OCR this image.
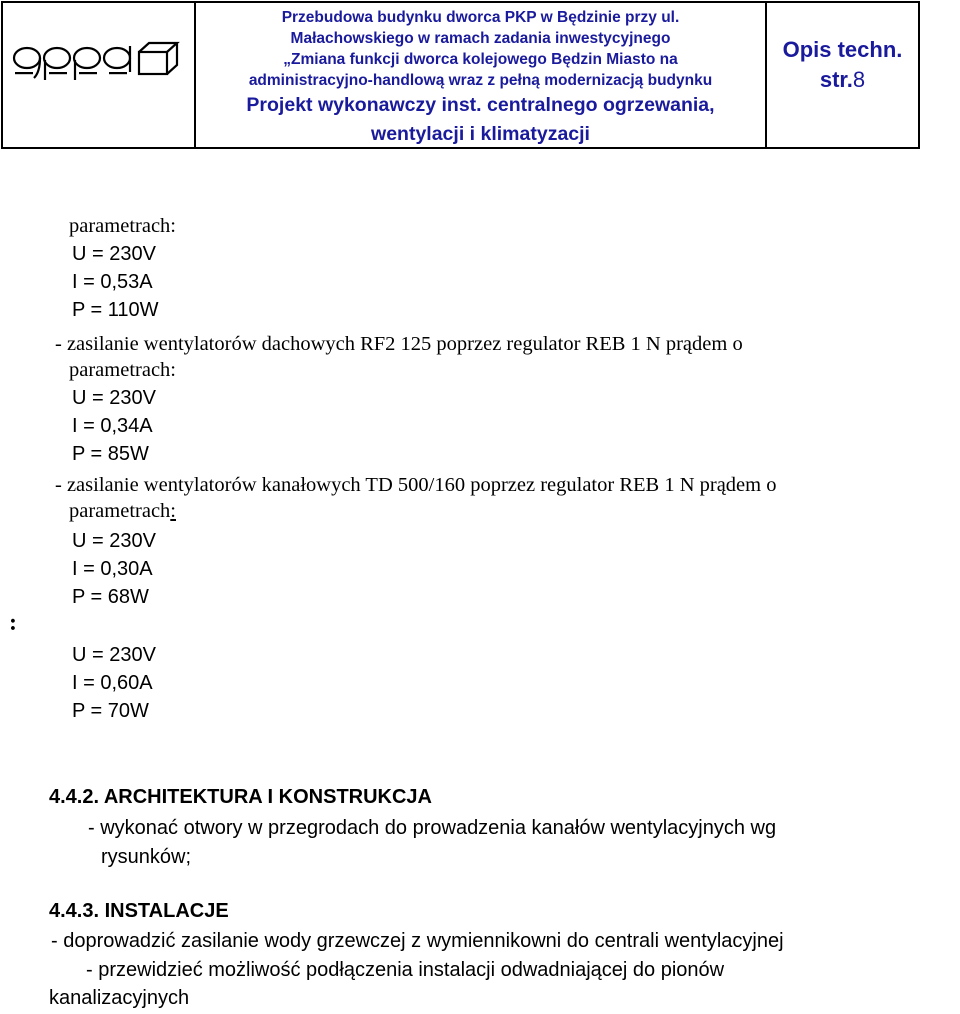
Przebudowa budynku dworca PKP w Będzinie przy ul.
Małachowskiego w ramach zadania inwestycyjnego
„Zmiana funkcji dworca kolejowego Będzin Miasto na
administracyjno-handlową wraz z pełną modernizacją budynku
Projekt wykonawczy inst. centralnego ogrzewania,
wentylacji i klimatyzacji
Opis techn.
str.8
parametrach:
U = 230V
I = 0,53A
P = 110W
- zasilanie wentylatorów dachowych RF2 125 poprzez regulator REB 1 N prądem o
parametrach:
U = 230V
I = 0,34A
P = 85W
- zasilanie wentylatorów kanałowych TD 500/160 poprzez regulator REB 1 N prądem o
parametrach:
U = 230V
I = 0,30A
P = 68W
:
U = 230V
I = 0,60A
P = 70W
4.4.2. ARCHITEKTURA I KONSTRUKCJA
- wykonać otwory w przegrodach do prowadzenia kanałów wentylacyjnych wg
rysunków;
4.4.3. INSTALACJE
- doprowadzić zasilanie wody grzewczej z wymiennikowni do centrali wentylacyjnej
- przewidzieć możliwość podłączenia instalacji odwadniającej do pionów
kanalizacyjnych
